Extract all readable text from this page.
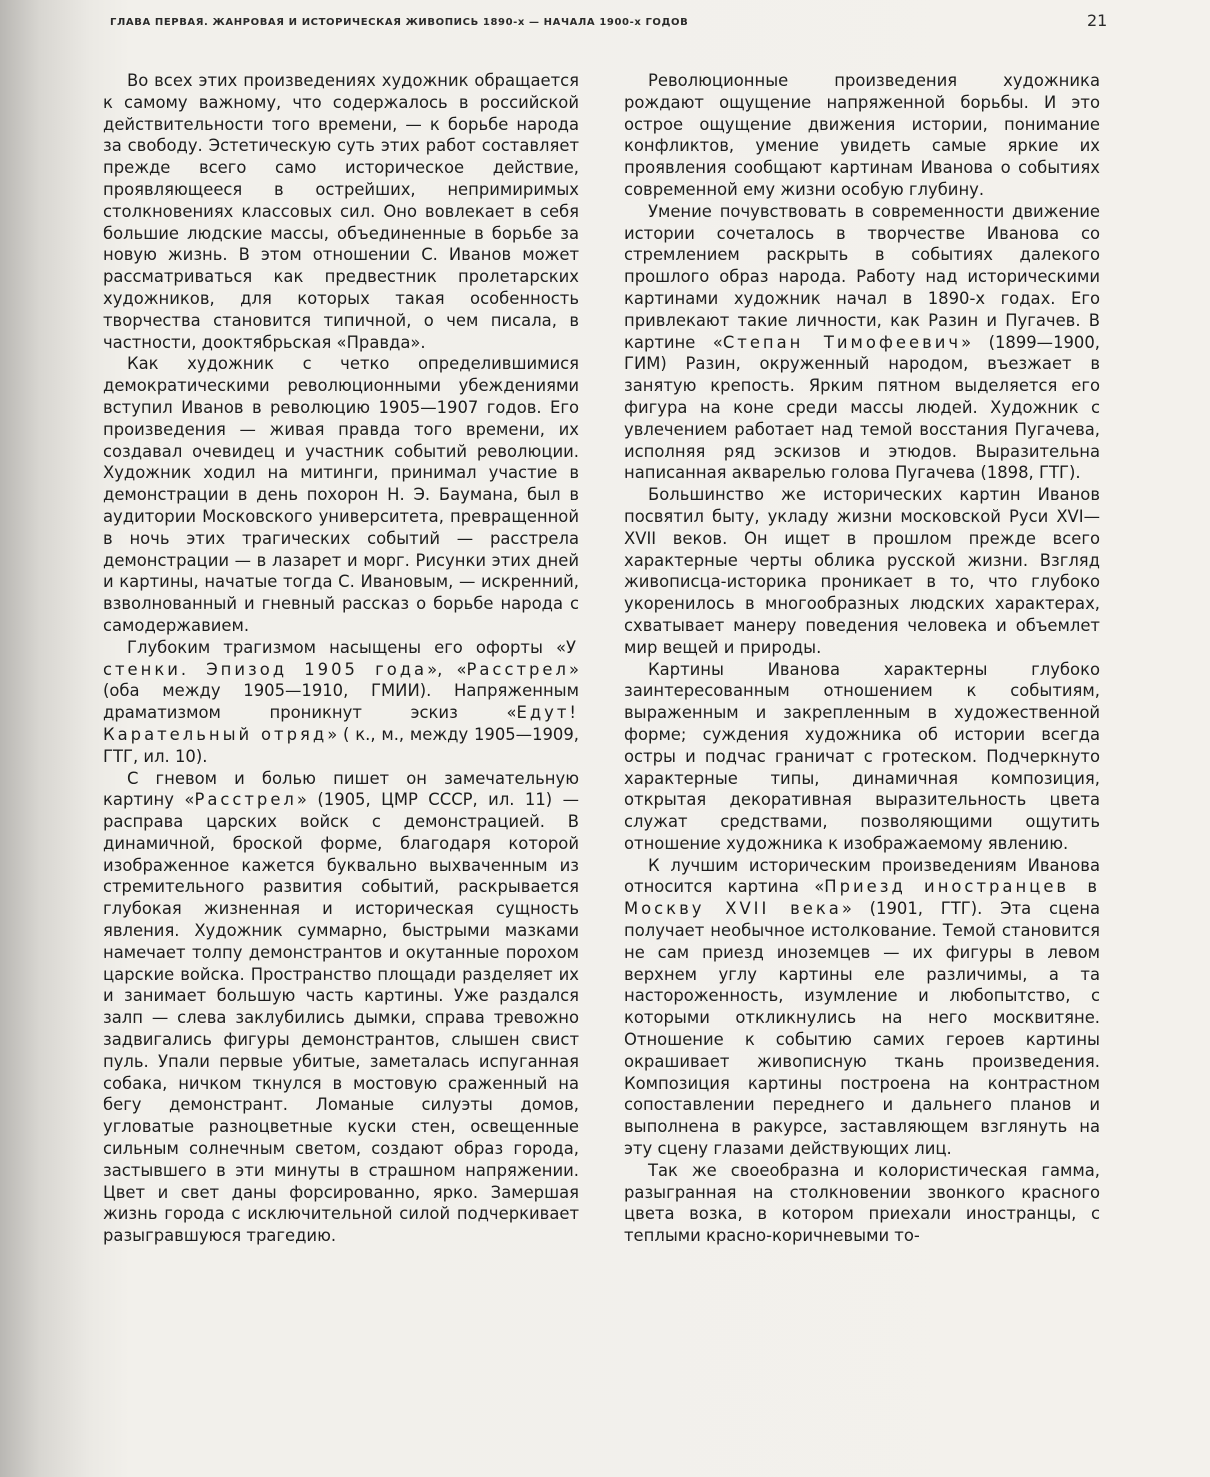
ГЛАВА ПЕРВАЯ. ЖАНРОВАЯ И ИСТОРИЧЕСКАЯ ЖИВОПИСЬ 1890-х — НАЧАЛА 1900-х ГОДОВ	21

Во всех этих произведениях художник обращается к самому важному, что содержалось в российской действительности того времени, — к борьбе народа за свободу. Эстетическую суть этих работ составляет прежде всего само историческое действие, проявляющееся в острейших, непримиримых столкновениях классовых сил. Оно вовлекает в себя большие людские массы, объединенные в борьбе за новую жизнь. В этом отношении С. Иванов может рассматриваться как предвестник пролетарских художников, для которых такая особенность творчества становится типичной, о чем писала, в частности, дооктябрьская «Правда».

Как художник с четко определившимися демократическими революционными убеждениями вступил Иванов в революцию 1905—1907 годов. Его произведения — живая правда того времени, их создавал очевидец и участник событий революции. Художник ходил на митинги, принимал участие в демонстрации в день похорон Н. Э. Баумана, был в аудитории Московского университета, превращенной в ночь этих трагических событий — расстрела демонстрации — в лазарет и морг. Рисунки этих дней и картины, начатые тогда С. Ивановым, — искренний, взволнованный и гневный рассказ о борьбе народа с самодержавием.

Глубоким трагизмом насыщены его офорты «У стенки. Эпизод 1905 года», «Расстрел» (оба между 1905—1910, ГМИИ). Напряженным драматизмом проникнут эскиз «Едут! Карательный отряд» ( к., м., между 1905—1909, ГТГ, ил. 10).

С гневом и болью пишет он замечательную картину «Расстрел» (1905, ЦМР СССР, ил. 11) — расправа царских войск с демонстрацией. В динамичной, броской форме, благодаря которой изображенное кажется буквально выхваченным из стремительного развития событий, раскрывается глубокая жизненная и историческая сущность явления. Художник суммарно, быстрыми мазками намечает толпу демонстрантов и окутанные порохом царские войска. Пространство площади разделяет их и занимает большую часть картины. Уже раздался залп — слева заклубились дымки, справа тревожно задвигались фигуры демонстрантов, слышен свист пуль. Упали первые убитые, заметалась испуганная собака, ничком ткнулся в мостовую сраженный на бегу демонстрант. Ломаные силуэты домов, угловатые разноцветные куски стен, освещенные сильным солнечным светом, создают образ города, застывшего в эти минуты в страшном напряжении. Цвет и свет даны форсированно, ярко. Замершая жизнь города с исключительной силой подчеркивает разыгравшуюся трагедию.

Революционные произведения художника рождают ощущение напряженной борьбы. И это острое ощущение движения истории, понимание конфликтов, умение увидеть самые яркие их проявления сообщают картинам Иванова о событиях современной ему жизни особую глубину.

Умение почувствовать в современности движение истории сочеталось в творчестве Иванова со стремлением раскрыть в событиях далекого прошлого образ народа. Работу над историческими картинами художник начал в 1890-х годах. Его привлекают такие личности, как Разин и Пугачев. В картине «Степан Тимофеевич» (1899—1900, ГИМ) Разин, окруженный народом, въезжает в занятую крепость. Ярким пятном выделяется его фигура на коне среди массы людей. Художник с увлечением работает над темой восстания Пугачева, исполняя ряд эскизов и этюдов. Выразительна написанная акварелью голова Пугачева (1898, ГТГ).

Большинство же исторических картин Иванов посвятил быту, укладу жизни московской Руси XVI—XVII веков. Он ищет в прошлом прежде всего характерные черты облика русской жизни. Взгляд живописца-историка проникает в то, что глубоко укоренилось в многообразных людских характерах, схватывает манеру поведения человека и объемлет мир вещей и природы.

Картины Иванова характерны глубоко заинтересованным отношением к событиям, выраженным и закрепленным в художественной форме; суждения художника об истории всегда остры и подчас граничат с гротеском. Подчеркнуто характерные типы, динамичная композиция, открытая декоративная выразительность цвета служат средствами, позволяющими ощутить отношение художника к изображаемому явлению.

К лучшим историческим произведениям Иванова относится картина «Приезд иностранцев в Москву XVII века» (1901, ГТГ). Эта сцена получает необычное истолкование. Темой становится не сам приезд иноземцев — их фигуры в левом верхнем углу картины еле различимы, а та настороженность, изумление и любопытство, с которыми откликнулись на него москвитяне. Отношение к событию самих героев картины окрашивает живописную ткань произведения. Композиция картины построена на контрастном сопоставлении переднего и дальнего планов и выполнена в ракурсе, заставляющем взглянуть на эту сцену глазами действующих лиц.

Так же своеобразна и колористическая гамма, разыгранная на столкновении звонкого красного цвета возка, в котором приехали иностранцы, с теплыми красно-коричневыми то-
